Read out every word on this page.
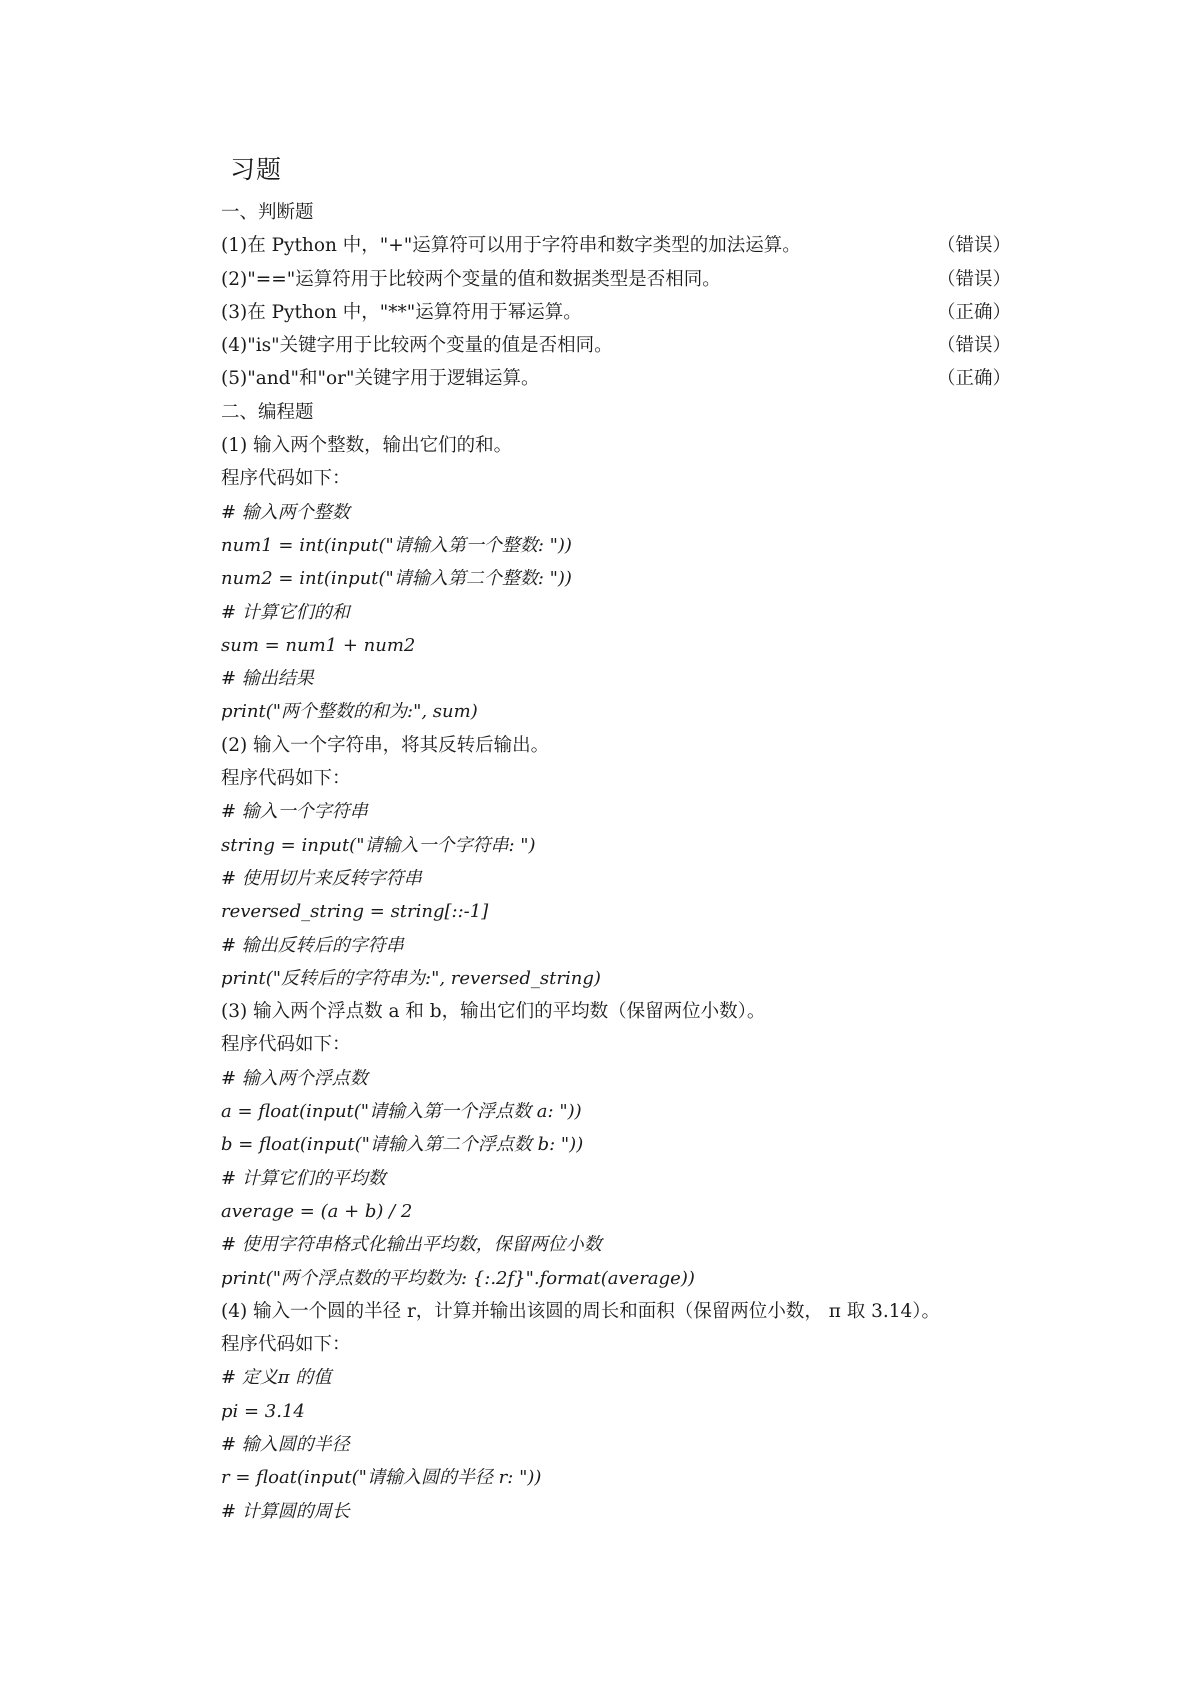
习题
一、判断题
(1)在 Python 中，"+"运算符可以用于字符串和数字类型的加法运算。	（错误）
(2)"=="运算符用于比较两个变量的值和数据类型是否相同。	（错误）
(3)在 Python 中，"**"运算符用于幂运算。	（正确）
(4)"is"关键字用于比较两个变量的值是否相同。	（错误）
(5)"and"和"or"关键字用于逻辑运算。	（正确）
二、编程题
(1) 输入两个整数，输出它们的和。
程序代码如下：
# 输入两个整数
num1 = int(input("请输入第一个整数: "))
num2 = int(input("请输入第二个整数: "))
# 计算它们的和
sum = num1 + num2
# 输出结果
print("两个整数的和为:", sum)
(2) 输入一个字符串，将其反转后输出。
程序代码如下：
# 输入一个字符串
string = input("请输入一个字符串: ")
# 使用切片来反转字符串
reversed_string = string[::-1]
# 输出反转后的字符串
print("反转后的字符串为:", reversed_string)
(3) 输入两个浮点数 a 和 b，输出它们的平均数（保留两位小数）。
程序代码如下：
# 输入两个浮点数
a = float(input("请输入第一个浮点数 a: "))
b = float(input("请输入第二个浮点数 b: "))
# 计算它们的平均数
average = (a + b) / 2
# 使用字符串格式化输出平均数，保留两位小数
print("两个浮点数的平均数为: {:.2f}".format(average))
(4) 输入一个圆的半径 r，计算并输出该圆的周长和面积（保留两位小数， π 取 3.14）。
程序代码如下：
# 定义π 的值
pi = 3.14
# 输入圆的半径
r = float(input("请输入圆的半径 r: "))
# 计算圆的周长
